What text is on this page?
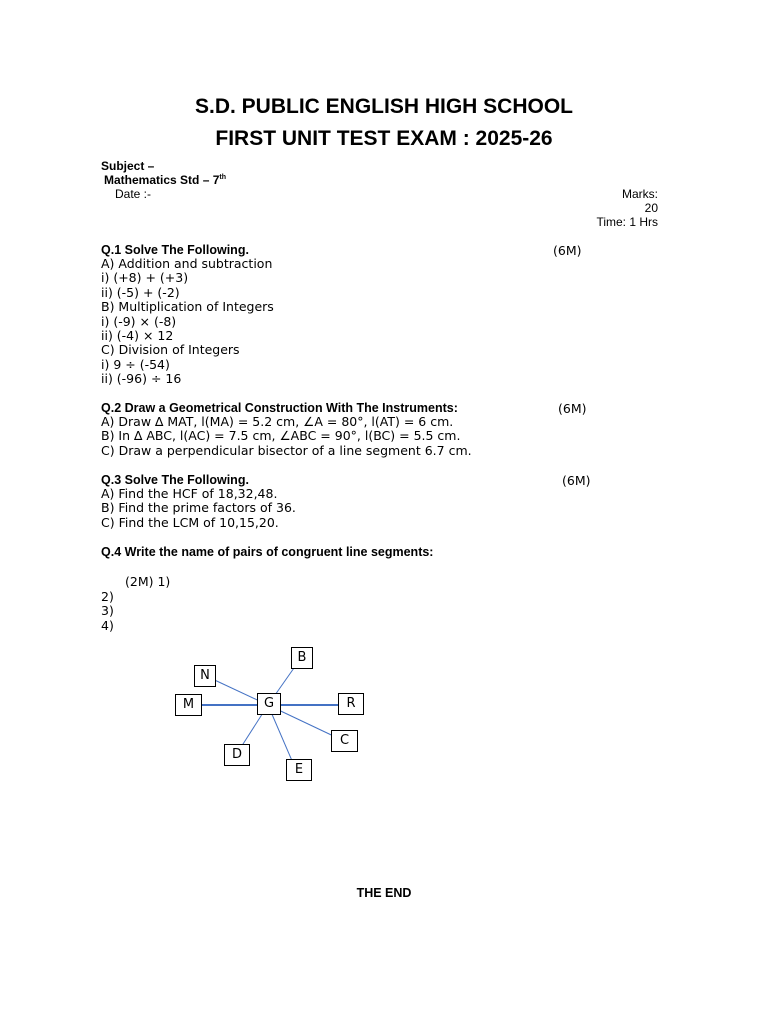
S.D. PUBLIC ENGLISH HIGH SCHOOL
FIRST UNIT TEST EXAM : 2025-26
Subject –
Mathematics Std – 7th
Date :-	Marks:
20
Time: 1 Hrs
Q.1 Solve The Following.	(6M)
A) Addition and subtraction
i) (+8) + (+3)
ii) (-5) + (-2)
B) Multiplication of Integers
i) (-9) × (-8)
ii) (-4) × 12
C) Division of Integers
i) 9 ÷ (-54)
ii) (-96) ÷ 16
Q.2 Draw a Geometrical Construction With The Instruments:	(6M)
A) Draw ∆ MAT, l(MA) = 5.2 cm, ∠A = 80°, l(AT) = 6 cm.
B) In ∆ ABC, l(AC) = 7.5 cm, ∠ABC = 90°, l(BC) = 5.5 cm.
C) Draw a perpendicular bisector of a line segment 6.7 cm.
Q.3 Solve The Following.	(6M)
A) Find the HCF of 18,32,48.
B) Find the prime factors of 36.
C) Find the LCM of 10,15,20.
Q.4 Write the name of pairs of congruent line segments:
(2M) 1)
2)
3)
4)
B
N
M	G	R
C
D
E
THE END
